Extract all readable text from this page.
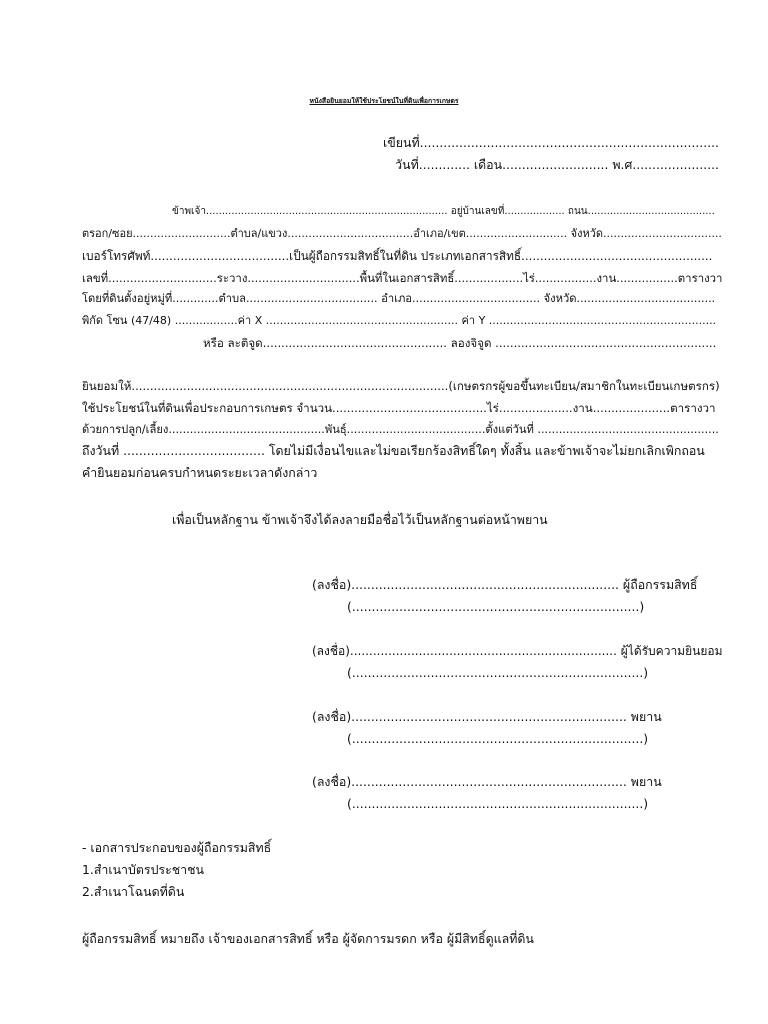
หนังสือยินยอมให้ใช้ประโยชน์ในที่ดินเพื่อการเกษตร
เขียนที่............................................................................
วันที่............. เดือน........................... พ.ศ......................
ข้าพเจ้า............................................................................ อยู่บ้านเลขที่................... ถนน........................................
ตรอก/ซอย............................ตำบล/แขวง....................................อำเภอ/เขต............................. จังหวัด..................................
เบอร์โทรศัพท์.....................................เป็นผู้ถือกรรมสิทธิ์ในที่ดิน ประเภทเอกสารสิทธิ์...................................................
เลขที่..............................ระวาง...............................พื้นที่ในเอกสารสิทธิ์...................ไร่.................งาน.................ตารางวา
โดยที่ดินตั้งอยู่หมู่ที่.............ตำบล..................................... อำเภอ.................................... จังหวัด.......................................
พิกัด โซน (47/48) ..................ค่า X ....................................................... ค่า Y .................................................................
หรือ ละติจูด.................................................. ลองจิจูด ............................................................
ยินยอมให้......................................................................................(เกษตรกรผู้ขอขึ้นทะเบียน/สมาชิกในทะเบียนเกษตรกร)
ใช้ประโยชน์ในที่ดินเพื่อประกอบการเกษตร จำนวน..........................................ไร่....................งาน.....................ตารางวา
ด้วยการปลูก/เลี้ยง............................................พันธุ์.......................................ตั้งแต่วันที่ ...................................................
ถึงวันที่ .................................... โดยไม่มีเงื่อนไขและไม่ขอเรียกร้องสิทธิ์ใดๆ ทั้งสิ้น และข้าพเจ้าจะไม่ยกเลิกเพิกถอน
คำยินยอมก่อนครบกำหนดระยะเวลาดังกล่าว
เพื่อเป็นหลักฐาน ข้าพเจ้าจึงได้ลงลายมือชื่อไว้เป็นหลักฐานต่อหน้าพยาน
(ลงชื่อ).................................................................... ผู้ถือกรรมสิทธิ์
(.........................................................................)
(ลงชื่อ)...................................................................... ผู้ได้รับความยินยอม
(..........................................................................)
(ลงชื่อ)...................................................................... พยาน
(..........................................................................)
(ลงชื่อ)...................................................................... พยาน
(..........................................................................)
- เอกสารประกอบของผู้ถือกรรมสิทธิ์
1.สำเนาบัตรประชาชน
2.สำเนาโฉนดที่ดิน
ผู้ถือกรรมสิทธิ์ หมายถึง เจ้าของเอกสารสิทธิ์ หรือ ผู้จัดการมรดก หรือ ผู้มีสิทธิ์ดูแลที่ดิน
